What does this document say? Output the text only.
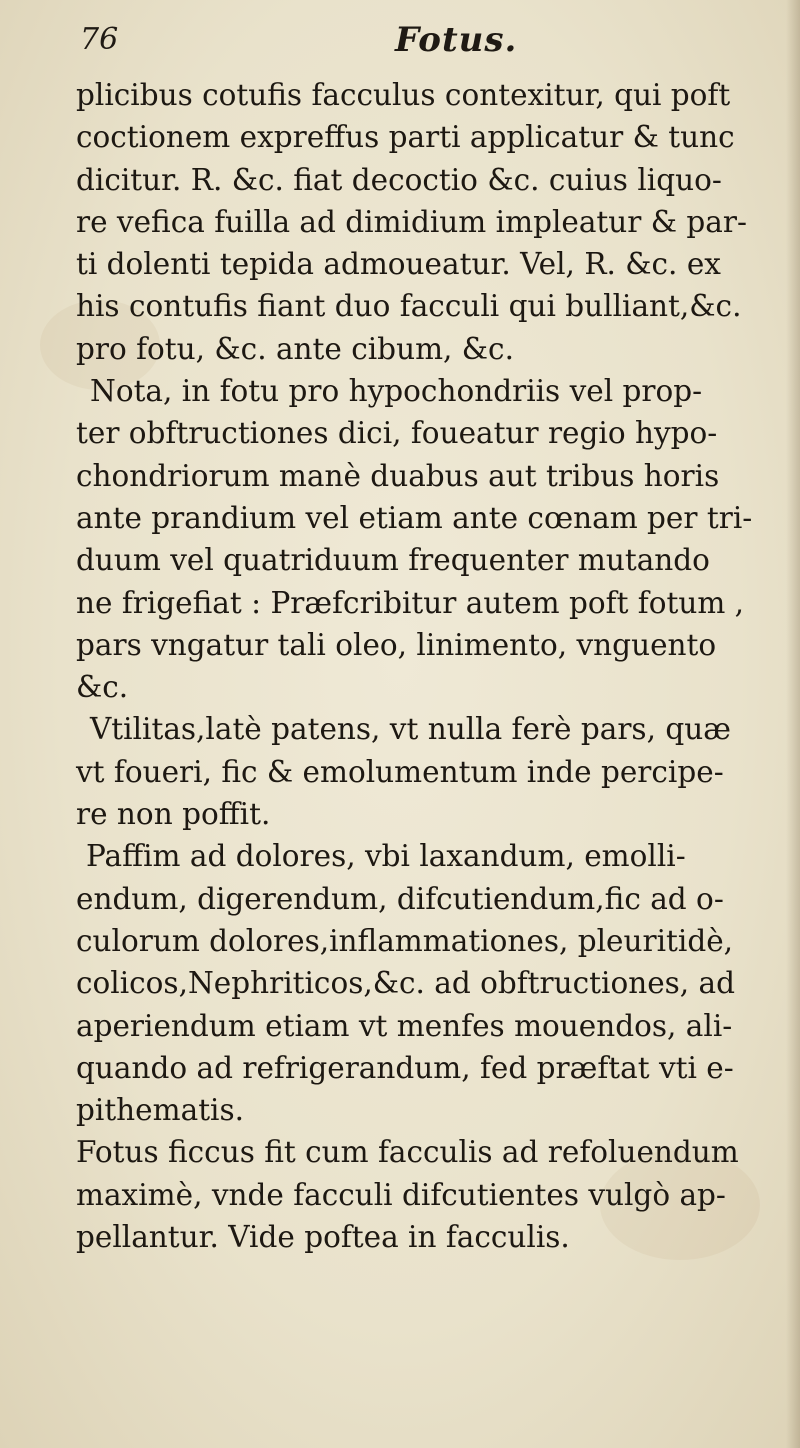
76	Fotus.
plicibus cotufis facculus contexitur, qui poft
coctionem expreffus parti applicatur & tunc
dicitur. R. &c. fiat decoctio &c. cuius liquo-
re vefica fuilla ad dimidium impleatur & par-
ti dolenti tepida admoueatur. Vel, R. &c. ex
his contufis fiant duo facculi qui bulliant,&c.
pro fotu, &c. ante cibum, &c.
Nota, in fotu pro hypochondriis vel prop-
ter obftructiones dici, foueatur regio hypo-
chondriorum manè duabus aut tribus horis
ante prandium vel etiam ante cœnam per tri-
duum vel quatriduum frequenter mutando
ne frigefiat : Præfcribitur autem poft fotum ,
pars vngatur tali oleo, linimento, vnguento
&c.
Vtilitas,latè patens, vt nulla ferè pars, quæ
vt foueri, fic & emolumentum inde percipe-
re non poffit.
Paffim ad dolores, vbi laxandum, emolli-
endum, digerendum, difcutiendum,fic ad o-
culorum dolores,inflammationes, pleuritidè,
colicos,Nephriticos,&c. ad obftructiones, ad
aperiendum etiam vt menfes mouendos, ali-
quando ad refrigerandum, fed præftat vti e-
pithematis.
Fotus ficcus fit cum facculis ad refoluendum
maximè, vnde facculi difcutientes vulgò ap-
pellantur. Vide poftea in facculis.
